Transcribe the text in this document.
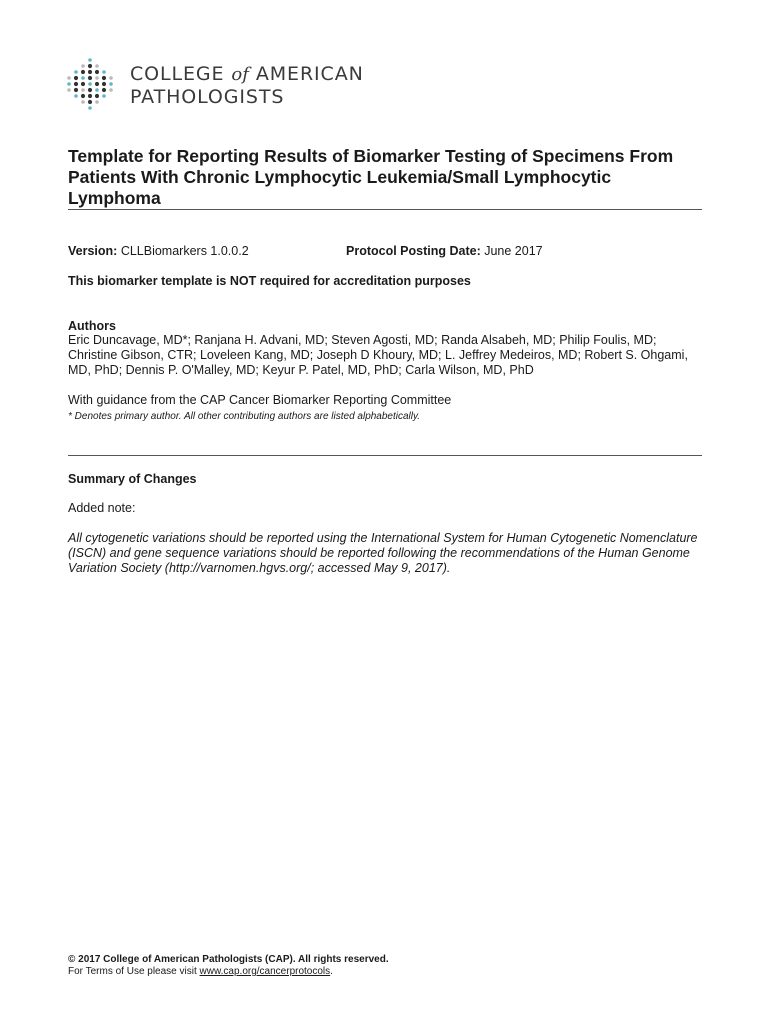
COLLEGE of AMERICAN
PATHOLOGISTS
Template for Reporting Results of Biomarker Testing of Specimens From Patients With Chronic Lymphocytic Leukemia/Small Lymphocytic Lymphoma
Version: CLLBiomarkers 1.0.0.2	Protocol Posting Date: June 2017
This biomarker template is NOT required for accreditation purposes
Authors
Eric Duncavage, MD*; Ranjana H. Advani, MD; Steven Agosti, MD; Randa Alsabeh, MD; Philip Foulis, MD; Christine Gibson, CTR; Loveleen Kang, MD; Joseph D Khoury, MD; L. Jeffrey Medeiros, MD; Robert S. Ohgami, MD, PhD; Dennis P. O'Malley, MD; Keyur P. Patel, MD, PhD; Carla Wilson, MD, PhD
With guidance from the CAP Cancer Biomarker Reporting Committee
* Denotes primary author. All other contributing authors are listed alphabetically.
Summary of Changes
Added note:
All cytogenetic variations should be reported using the International System for Human Cytogenetic Nomenclature (ISCN) and gene sequence variations should be reported following the recommendations of the Human Genome Variation Society (http://varnomen.hgvs.org/; accessed May 9, 2017).
© 2017 College of American Pathologists (CAP). All rights reserved.
For Terms of Use please visit www.cap.org/cancerprotocols.
